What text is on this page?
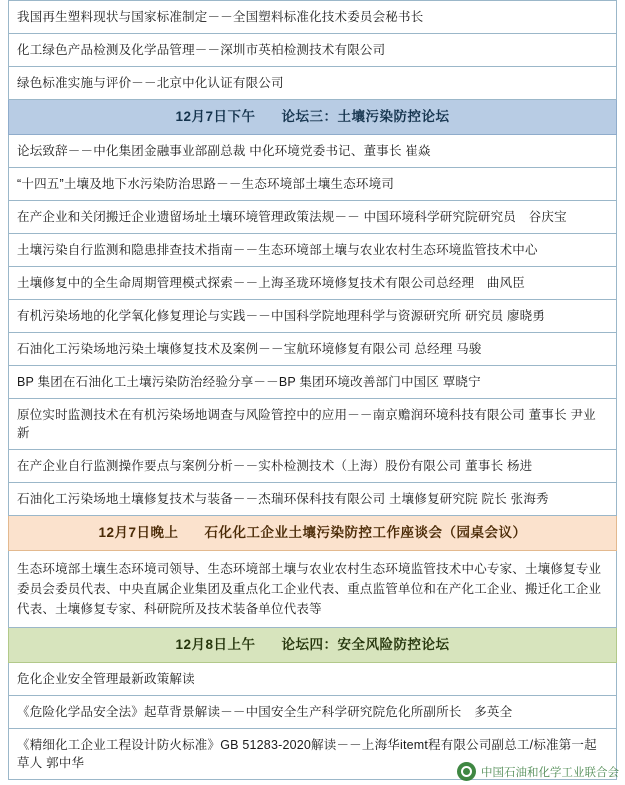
我国再生塑料现状与国家标准制定－－全国塑料标准化技术委员会秘书长
化工绿色产品检测及化学品管理－－深圳市英柏检测技术有限公司
绿色标准实施与评价－－北京中化认证有限公司
12月7日下午 论坛三：土壤污染防控论坛
论坛致辞－－中化集团金融事业部副总裁 中化环境党委书记、董事长 崔焱
“十四五”土壤及地下水污染防治思路－－生态环境部土壤生态环境司
在产企业和关闭搬迁企业遗留场址土壤环境管理政策法规－－ 中国环境科学研究院研究员　谷庆宝
土壤污染自行监测和隐患排查技术指南－－生态环境部土壤与农业农村生态环境监管技术中心
土壤修复中的全生命周期管理模式探索－－上海圣珑环境修复技术有限公司总经理　曲风臣
有机污染场地的化学氧化修复理论与实践－－中国科学院地理科学与资源研究所 研究员 廖晓勇
石油化工污染场地污染土壤修复技术及案例－－宝航环境修复有限公司 总经理 马骏
BP 集团在石油化工土壤污染防治经验分享－－BP 集团环境改善部门中国区 覃晓宁
原位实时监测技术在有机污染场地调查与风险管控中的应用－－南京赡润环境科技有限公司 董事长 尹业新
在产企业自行监测操作要点与案例分析－－实朴检测技术（上海）股份有限公司 董事长 杨进
石油化工污染场地土壤修复技术与装备－－杰瑞环保科技有限公司 土壤修复研究院 院长 张海秀
12月7日晚上 石化化工企业土壤污染防控工作座谈会（园桌会议）
生态环境部土壤生态环境司领导、生态环境部土壤与农业农村生态环境监管技术中心专家、土壤修复专业委员会委员代表、中央直属企业集团及重点化工企业代表、重点监管单位和在产化工企业、搬迁化工企业代表、土壤修复专家、科研院所及技术装备单位代表等
12月8日上午 论坛四：安全风险防控论坛
危化企业安全管理最新政策解读
《危险化学品安全法》起草背景解读－－中国安全生产科学研究院危化所副所长　多英全
《精细化工企业工程设计防火标准》GB 51283-2020解读－－上海华itemt程有限公司副总工/标准第一起草人 郭中华
中国石油和化学工业联合会
